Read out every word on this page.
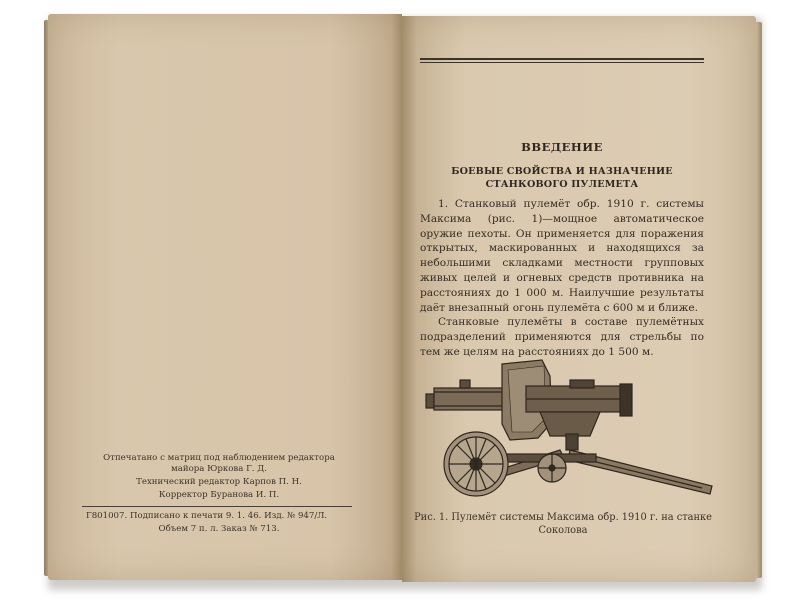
Отпечатано с матриц под наблюдением редактора
майора Юркова Г. Д.
Технический редактор Карпов П. Н.
Корректор Буранова И. П.
Г801007. Подписано к печати 9. 1. 46. Изд. № 947/Л.
Объем 7 п. л. Заказ № 713.
ВВЕДЕНИЕ
БОЕВЫЕ СВОЙСТВА И НАЗНАЧЕНИЕ СТАНКОВОГО ПУЛЕМЕТА

1. Станковый пулемёт обр. 1910 г. системы Максима (рис. 1)—мощное автоматическое оружие пехоты. Он применяется для поражения открытых, маскированных и находящихся за небольшими складками местности групповых живых целей и огневых средств противника на расстояниях до 1 000 м. Наилучшие результаты даёт внезапный огонь пулемёта с 600 м и ближе.

Станковые пулемёты в составе пулемётных подразделений применяются для стрельбы по тем же целям на расстояниях до 1 500 м.

Рис. 1. Пулемёт системы Максима обр. 1910 г. на станке Соколова
